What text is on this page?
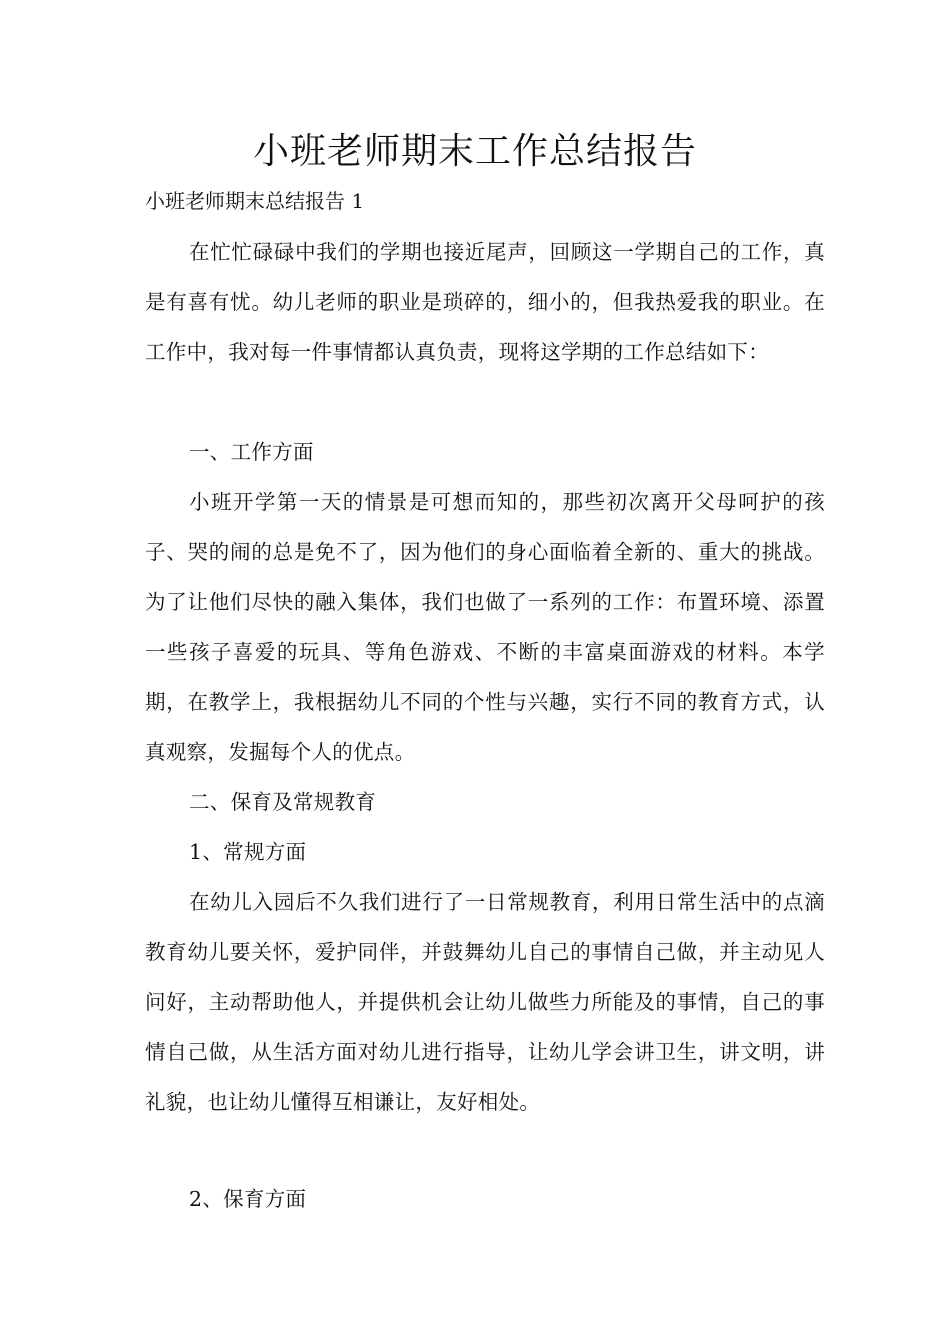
小班老师期末工作总结报告

小班老师期末总结报告 1

在忙忙碌碌中我们的学期也接近尾声，回顾这一学期自己的工作，真是有喜有忧。幼儿老师的职业是琐碎的，细小的，但我热爱我的职业。在工作中，我对每一件事情都认真负责，现将这学期的工作总结如下：

一、工作方面

小班开学第一天的情景是可想而知的，那些初次离开父母呵护的孩子、哭的闹的总是免不了，因为他们的身心面临着全新的、重大的挑战。为了让他们尽快的融入集体，我们也做了一系列的工作：布置环境、添置一些孩子喜爱的玩具、等角色游戏、不断的丰富桌面游戏的材料。本学期，在教学上，我根据幼儿不同的个性与兴趣，实行不同的教育方式，认真观察，发掘每个人的优点。

二、保育及常规教育

1、常规方面

在幼儿入园后不久我们进行了一日常规教育，利用日常生活中的点滴教育幼儿要关怀，爱护同伴，并鼓舞幼儿自己的事情自己做，并主动见人问好，主动帮助他人，并提供机会让幼儿做些力所能及的事情，自己的事情自己做，从生活方面对幼儿进行指导，让幼儿学会讲卫生，讲文明，讲礼貌，也让幼儿懂得互相谦让，友好相处。

2、保育方面
